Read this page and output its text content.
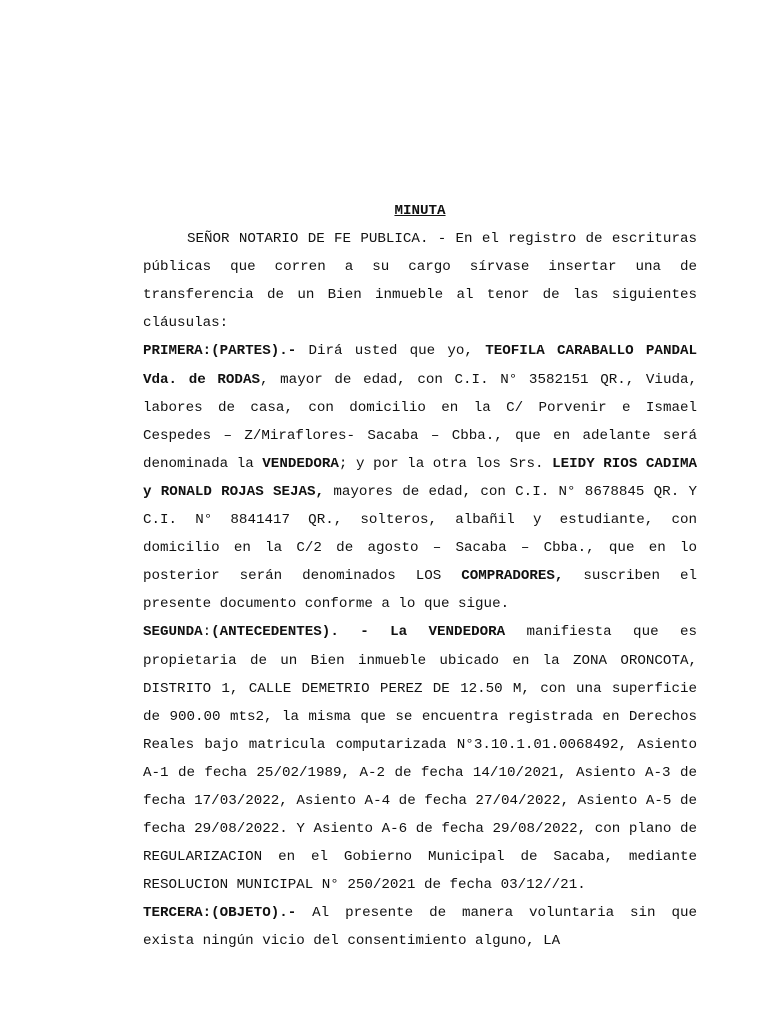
MINUTA

SEÑOR NOTARIO DE FE PUBLICA. - En el registro de escrituras públicas que corren a su cargo sírvase insertar una de transferencia de un Bien inmueble al tenor de las siguientes cláusulas:

PRIMERA:(PARTES).- Dirá usted que yo, TEOFILA CARABALLO PANDAL Vda. de RODAS, mayor de edad, con C.I. N° 3582151 QR., Viuda, labores de casa, con domicilio en la C/ Porvenir e Ismael Cespedes – Z/Miraflores- Sacaba – Cbba., que en adelante será denominada la VENDEDORA; y por la otra los Srs. LEIDY RIOS CADIMA y RONALD ROJAS SEJAS, mayores de edad, con C.I. N° 8678845 QR. Y C.I. N° 8841417 QR., solteros, albañil y estudiante, con domicilio en la C/2 de agosto – Sacaba – Cbba., que en lo posterior serán denominados LOS COMPRADORES, suscriben el presente documento conforme a lo que sigue.

SEGUNDA:(ANTECEDENTES). - La VENDEDORA manifiesta que es propietaria de un Bien inmueble ubicado en la ZONA ORONCOTA, DISTRITO 1, CALLE DEMETRIO PEREZ DE 12.50 M, con una superficie de 900.00 mts2, la misma que se encuentra registrada en Derechos Reales bajo matricula computarizada N°3.10.1.01.0068492, Asiento A-1 de fecha 25/02/1989, A-2 de fecha 14/10/2021, Asiento A-3 de fecha 17/03/2022, Asiento A-4 de fecha 27/04/2022, Asiento A-5 de fecha 29/08/2022. Y Asiento A-6 de fecha 29/08/2022, con plano de REGULARIZACION en el Gobierno Municipal de Sacaba, mediante RESOLUCION MUNICIPAL N° 250/2021 de fecha 03/12//21.

TERCERA:(OBJETO).- Al presente de manera voluntaria sin que exista ningún vicio del consentimiento alguno, LA
